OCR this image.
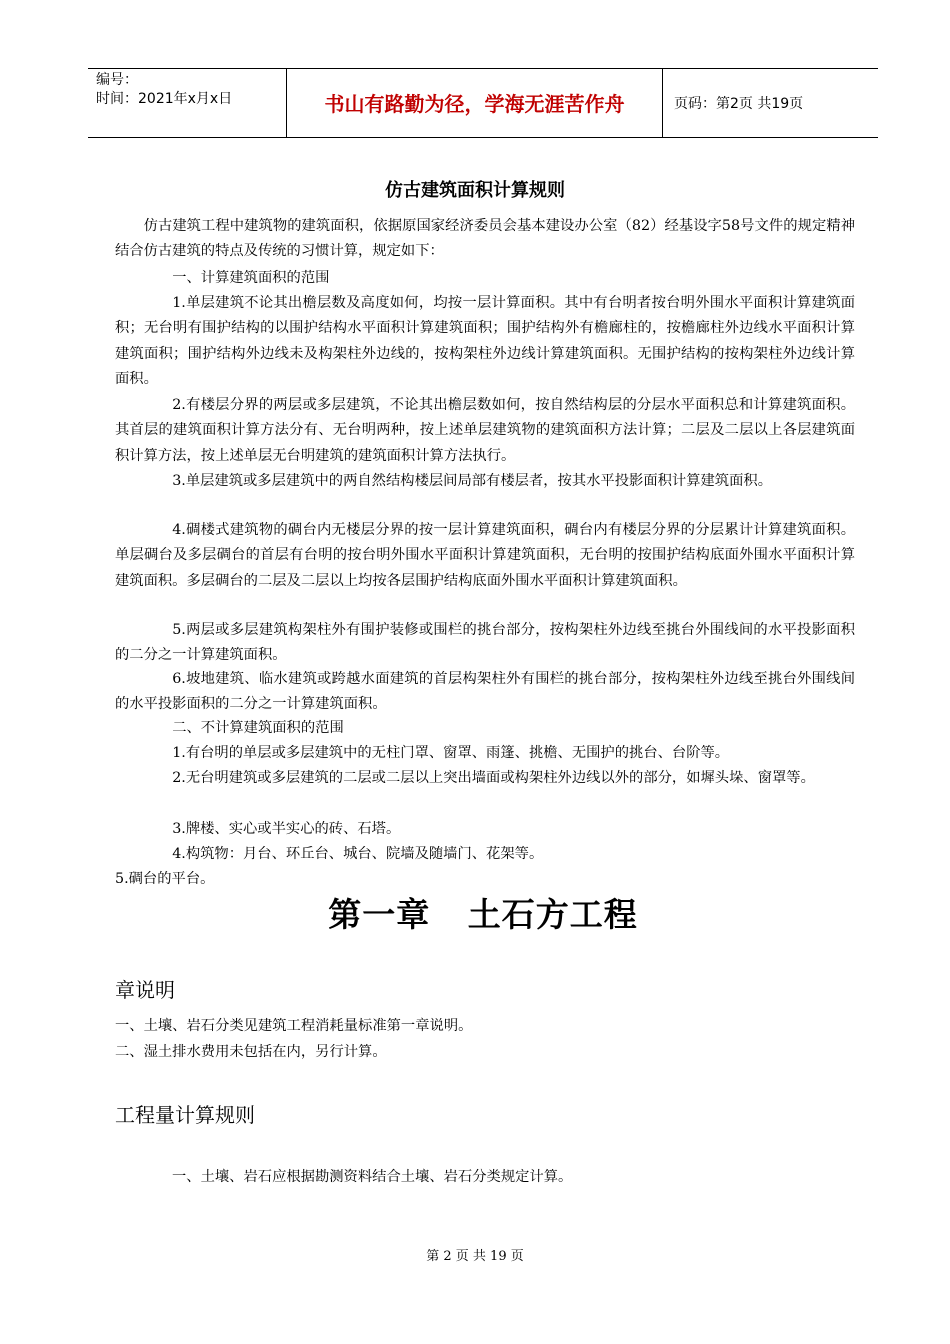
编号：
时间：2021年x月x日	书山有路勤为径，学海无涯苦作舟	页码：第2页 共19页
仿古建筑面积计算规则

仿古建筑工程中建筑物的建筑面积，依据原国家经济委员会基本建设办公室（82）经基设字58号文件的规定精神结合仿古建筑的特点及传统的习惯计算，规定如下：

一、计算建筑面积的范围

1.单层建筑不论其出檐层数及高度如何，均按一层计算面积。其中有台明者按台明外围水平面积计算建筑面积；无台明有围护结构的以围护结构水平面积计算建筑面积；围护结构外有檐廊柱的，按檐廊柱外边线水平面积计算建筑面积；围护结构外边线未及构架柱外边线的，按构架柱外边线计算建筑面积。无围护结构的按构架柱外边线计算面积。

2.有楼层分界的两层或多层建筑，不论其出檐层数如何，按自然结构层的分层水平面积总和计算建筑面积。其首层的建筑面积计算方法分有、无台明两种，按上述单层建筑物的建筑面积方法计算；二层及二层以上各层建筑面积计算方法，按上述单层无台明建筑的建筑面积计算方法执行。

3.单层建筑或多层建筑中的两自然结构楼层间局部有楼层者，按其水平投影面积计算建筑面积。

4.碉楼式建筑物的碉台内无楼层分界的按一层计算建筑面积，碉台内有楼层分界的分层累计计算建筑面积。单层碉台及多层碉台的首层有台明的按台明外围水平面积计算建筑面积，无台明的按围护结构底面外围水平面积计算建筑面积。多层碉台的二层及二层以上均按各层围护结构底面外围水平面积计算建筑面积。

5.两层或多层建筑构架柱外有围护装修或围栏的挑台部分，按构架柱外边线至挑台外围线间的水平投影面积的二分之一计算建筑面积。

6.坡地建筑、临水建筑或跨越水面建筑的首层构架柱外有围栏的挑台部分，按构架柱外边线至挑台外围线间的水平投影面积的二分之一计算建筑面积。

二、不计算建筑面积的范围

1.有台明的单层或多层建筑中的无柱门罩、窗罩、雨篷、挑檐、无围护的挑台、台阶等。

2.无台明建筑或多层建筑的二层或二层以上突出墙面或构架柱外边线以外的部分，如墀头垛、窗罩等。

3.牌楼、实心或半实心的砖、石塔。

4.构筑物：月台、环丘台、城台、院墙及随墙门、花架等。

5.碉台的平台。

第一章   土石方工程
章说明
一、土壤、岩石分类见建筑工程消耗量标准第一章说明。
二、湿土排水费用未包括在内，另行计算。
工程量计算规则
一、土壤、岩石应根据勘测资料结合土壤、岩石分类规定计算。
第 2 页 共 19 页
